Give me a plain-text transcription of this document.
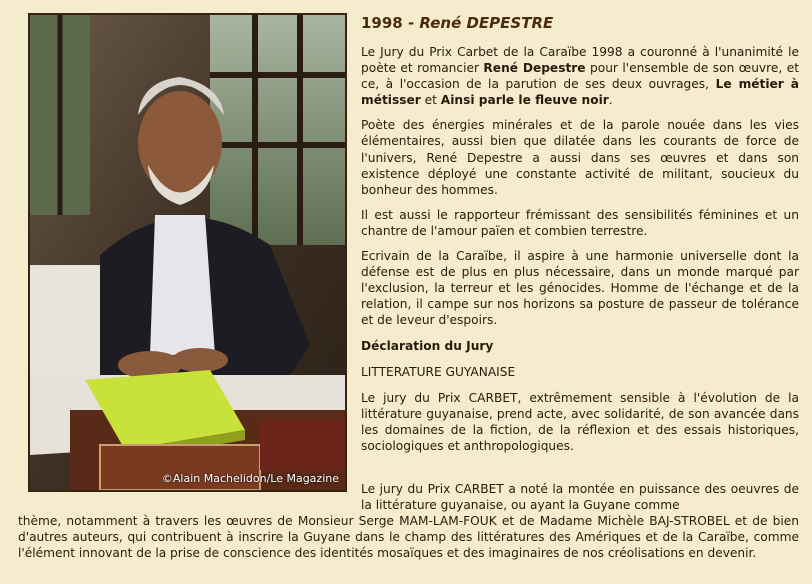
©Alain Machelidon/Le Magazine
1998 - René DEPESTRE

Le Jury du Prix Carbet de la Caraïbe 1998 a couronné à l'unanimité le poète et romancier René Depestre pour l'ensemble de son œuvre, et ce, à l'occasion de la parution de ses deux ouvrages, Le métier à métisser et Ainsi parle le fleuve noir.

Poète des énergies minérales et de la parole nouée dans les vies élémentaires, aussi bien que dilatée dans les courants de force de l'univers, René Depestre a aussi dans ses œuvres et dans son existence déployé une constante activité de militant, soucieux du bonheur des hommes.

Il est aussi le rapporteur frémissant des sensibilités féminines et un chantre de l'amour païen et combien terrestre.

Ecrivain de la Caraïbe, il aspire à une harmonie universelle dont la défense est de plus en plus nécessaire, dans un monde marqué par l'exclusion, la terreur et les génocides. Homme de l'échange et de la relation, il campe sur nos horizons sa posture de passeur de tolérance et de leveur d'espoirs.

Déclaration du Jury

LITTERATURE GUYANAISE

Le jury du Prix CARBET, extrêmement sensible à l'évolution de la littérature guyanaise, prend acte, avec solidarité, de son avancée dans les domaines de la fiction, de la réflexion et des essais historiques, sociologiques et anthropologiques.

Le jury du Prix CARBET a noté la montée en puissance des oeuvres de la littérature guyanaise, ou ayant la Guyane comme
thème, notamment à travers les œuvres de Monsieur Serge MAM-LAM-FOUK et de Madame Michèle BAJ-STROBEL et de bien d'autres auteurs, qui contribuent à inscrire la Guyane dans le champ des littératures des Amériques et de la Caraïbe, comme l'élément innovant de la prise de conscience des identités mosaïques et des imaginaires de nos créolisations en devenir.
